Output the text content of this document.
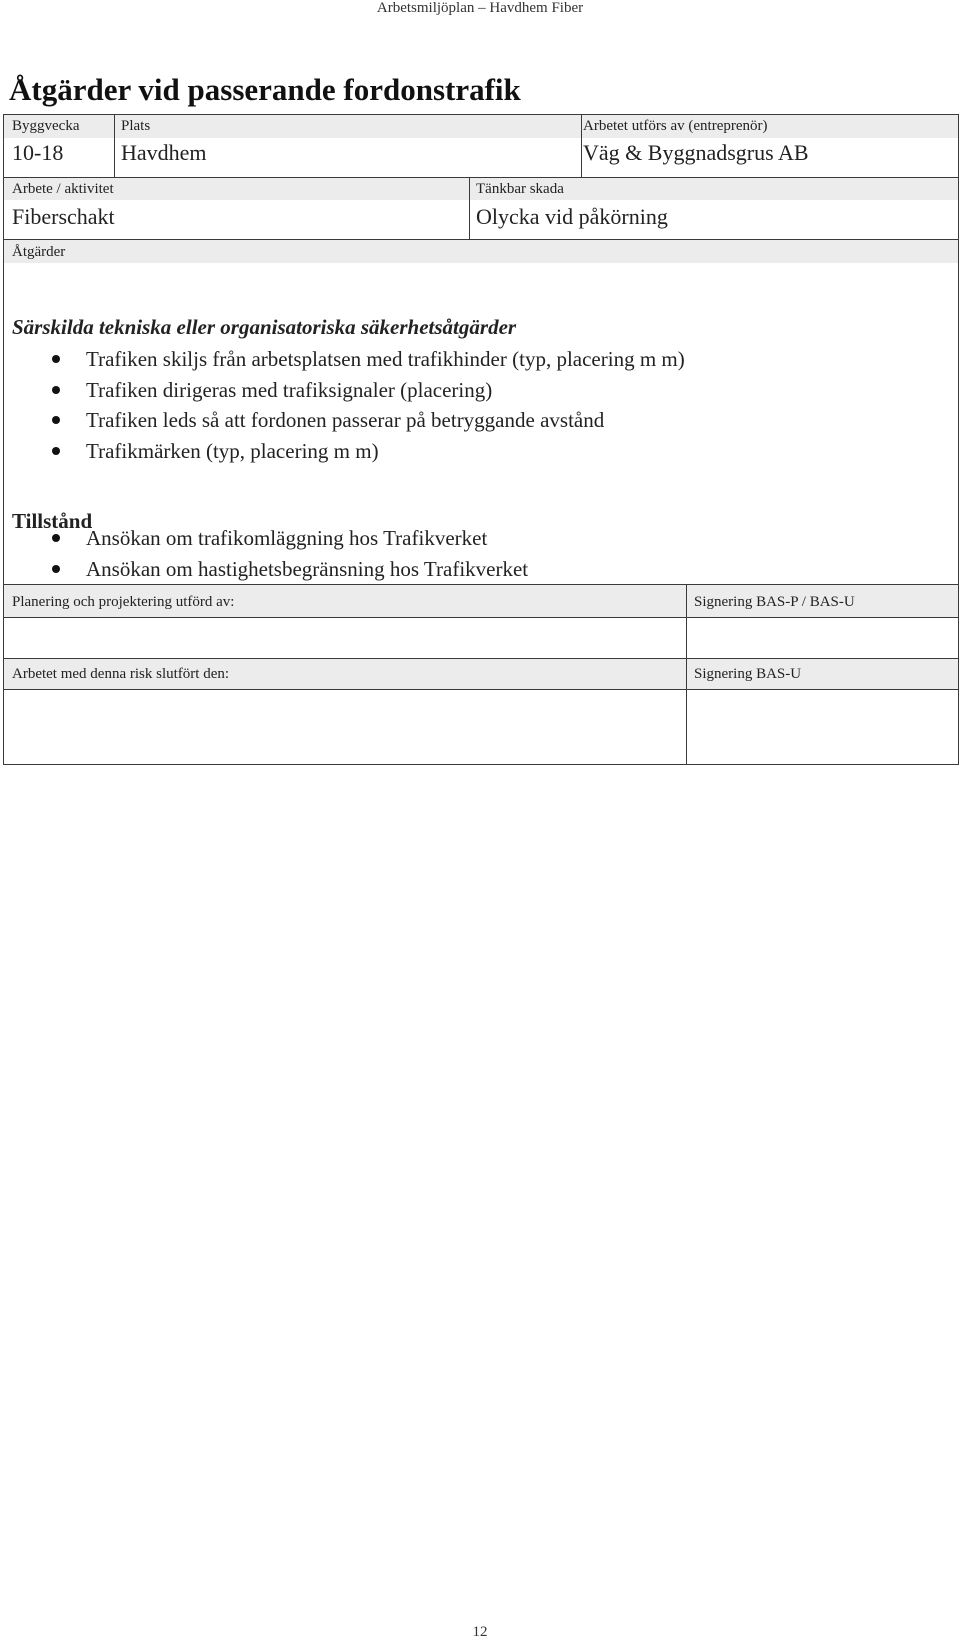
Arbetsmiljöplan – Havdhem Fiber
Åtgärder vid passerande fordonstrafik
Byggvecka
10-18
Plats
Havdhem
Arbetet utförs av (entreprenör)
Väg & Byggnadsgrus AB
Arbete / aktivitet
Fiberschakt
Tänkbar skada
Olycka vid påkörning
Åtgärder
Särskilda tekniska eller organisatoriska säkerhetsåtgärder
Trafiken skiljs från arbetsplatsen med trafikhinder (typ, placering m m)
Trafiken dirigeras med trafiksignaler (placering)
Trafiken leds så att fordonen passerar på betryggande avstånd
Trafikmärken (typ, placering m m)
Tillstånd
Ansökan om trafikomläggning hos Trafikverket
Ansökan om hastighetsbegränsning hos Trafikverket
Planering och projektering utförd av:	Signering BAS-P / BAS-U
Arbetet med denna risk slutfört den:	Signering BAS-U
12
